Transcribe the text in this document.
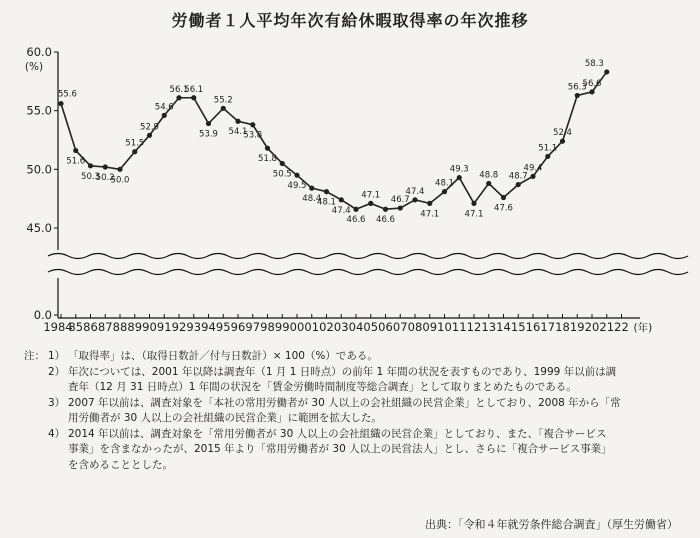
労働者１人平均年次有給休暇取得率の年次推移
60.0
55.0
50.0
45.0
0.0
(%)
1984
85 86 87 88 89 90 91 92 93 94 95 96 97 98 99 00 01 02 03 04 05 06 07 08 09 10 11 12 13 14 15 16 17 18 19 20 21 22 (年)
55.6
51.6
50.3
50.2
50.0
51.5
52.9
54.6
56.1
56.1
53.9
55.2
54.1
53.8
51.8
50.5
49.5
48.4
48.1
47.4
46.6
47.1
46.6
46.7
47.4
47.1
48.1
49.3
47.1
48.8
47.6
48.7
49.4
51.1
52.4
56.3
56.6
58.3
注： 1） 「取得率」は、（取得日数計／付与日数計）× 100（%）である。
2） 年次については、2001 年以降は調査年（1 月 1 日時点）の前年 1 年間の状況を表すものであり、1999 年以前は調
査年（12 月 31 日時点）1 年間の状況を「賃金労働時間制度等総合調査」として取りまとめたものである。
3） 2007 年以前は、調査対象を「本社の常用労働者が 30 人以上の会社組織の民営企業」としており、2008 年から「常
用労働者が 30 人以上の会社組織の民営企業」に範囲を拡大した。
4） 2014 年以前は、調査対象を「常用労働者が 30 人以上の会社組織の民営企業」としており、また、「複合サービス
事業」を含まなかったが、2015 年より「常用労働者が 30 人以上の民営法人」とし、さらに「複合サービス事業」
を含めることとした。
出典：「令和４年就労条件総合調査」（厚生労働省）
